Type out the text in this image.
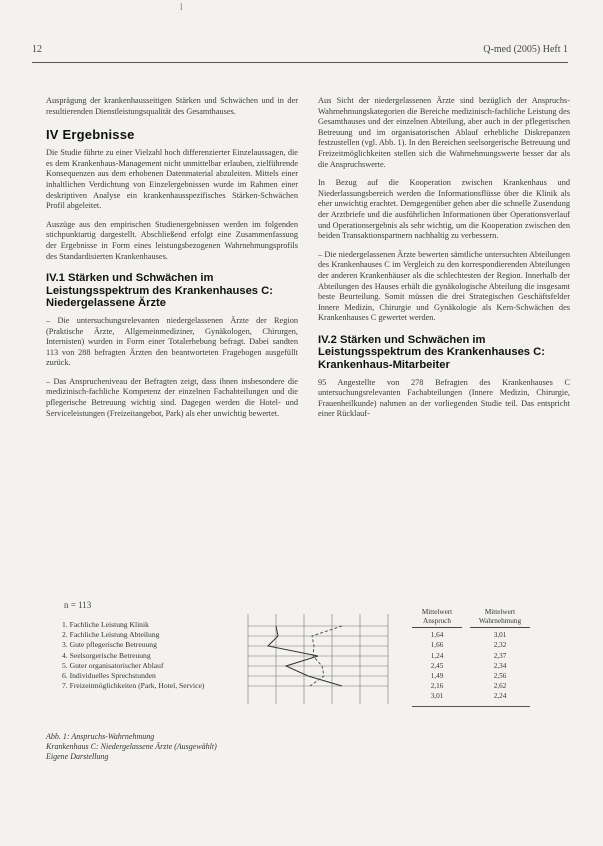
l
12	Q-med (2005) Heft 1

Ausprägung der krankenhausseitigen Stärken und Schwächen und in der resultierenden Dienstleistungsqualität des Gesamthauses.

IV Ergebnisse

Die Studie führte zu einer Vielzahl hoch differenzierter Einzelaussagen, die es dem Krankenhaus-Management nicht unmittelbar erlauben, zielführende Konsequenzen aus dem erhobenen Datenmaterial abzuleiten. Mittels einer inhaltlichen Verdichtung von Einzelergebnissen wurde im Rahmen einer deskriptiven Analyse ein krankenhausspezifisches Stärken-Schwächen Profil abgeleitet.

Auszüge aus den empirischen Studienergebnissen werden im folgenden stichpunktartig dargestellt. Abschließend erfolgt eine Zusammenfassung der Ergebnisse in Form eines leistungsbezogenen Wahrnehmungsprofils des Standardisierten Krankenhauses.

IV.1 Stärken und Schwächen im Leistungsspektrum des Krankenhauses C: Niedergelassene Ärzte

– Die untersuchungsrelevanten niedergelassenen Ärzte der Region (Praktische Ärzte, Allgemeinmediziner, Gynäkologen, Chirurgen, Internisten) wurden in Form einer Totalerhebung befragt. Dabei sandten 113 von 288 befragten Ärzten den beantworteten Fragebogen ausgefüllt zurück.

– Das Ansprucheniveau der Befragten zeigt, dass ihnen insbesondere die medizinisch-fachliche Kompetenz der einzelnen Fachabteilungen und die pflegerische Betreuung wichtig sind. Dagegen werden die Hotel- und Serviceleistungen (Freizeitangebot, Park) als eher unwichtig bewertet.

Aus Sicht der niedergelassenen Ärzte sind bezüglich der Anspruchs-Wahrnehmungskategorien die Bereiche medizinisch-fachliche Leistung des Gesamthauses und der einzelnen Abteilung, aber auch in der pflegerischen Betreuung und im organisatorischen Ablauf erhebliche Diskrepanzen festzustellen (vgl. Abb. 1). In den Bereichen seelsorgerische Betreuung und Freizeitmöglichkeiten stellen sich die Wahrnehmungswerte besser dar als die Anspruchswerte.

In Bezug auf die Kooperation zwischen Krankenhaus und Niederlassungsbereich werden die Informationsflüsse über die Klinik als eher unwichtig erachtet. Demgegenüber gehen aber die schnelle Zusendung der Arztbriefe und die ausführlichen Informationen über Operationsverlauf und Operationsergebnis als sehr wichtig, um die Kooperation zwischen den beiden Transaktionspartnern nachhaltig zu verbessern.

– Die niedergelassenen Ärzte bewerten sämtliche untersuchten Abteilungen des Krankenhauses C im Vergleich zu den korrespondierenden Abteilungen der anderen Krankenhäuser als die schlechtesten der Region. Innerhalb der Abteilungen des Hauses erhält die gynäkologische Abteilung die insgesamt beste Beurteilung. Somit müssen die drei Strategischen Geschäftsfelder Innere Medizin, Chirurgie und Gynäkologie als Kern-Schwächen des Krankenhauses C gewertet werden.

IV.2 Stärken und Schwächen im Leistungsspektrum des Krankenhauses C: Krankenhaus-Mitarbeiter

95 Angestellte von 278 Befragten des Krankenhauses C untersuchungsrelevanten Fachabteilungen (Innere Medizin, Chirurgie, Frauenheilkunde) nahmen an der vorliegenden Studie teil. Das entspricht einer Rücklauf-

n = 113
1. Fachliche Leistung Klinik
2. Fachliche Leistung Abteilung
3. Gute pflegerische Betreuung
4. Seelsorgerische Betreuung
5. Guter organisatorischer Ablauf
6. Individuelles Sprechstunden
7. Freizeitmöglichkeiten (Park, Hotel, Service)
Mittelwert Anspruch
1,64
1,66
1,24
2,45
1,49
2,16
3,01
Mittelwert Wahrnehmung
3,01
2,32
2,37
2,34
2,56
2,62
2,24
Abb. 1: Anspruchs-Wahrnehmung
Krankenhaus C: Niedergelassene Ärzte (Ausgewählt)
Eigene Darstellung
